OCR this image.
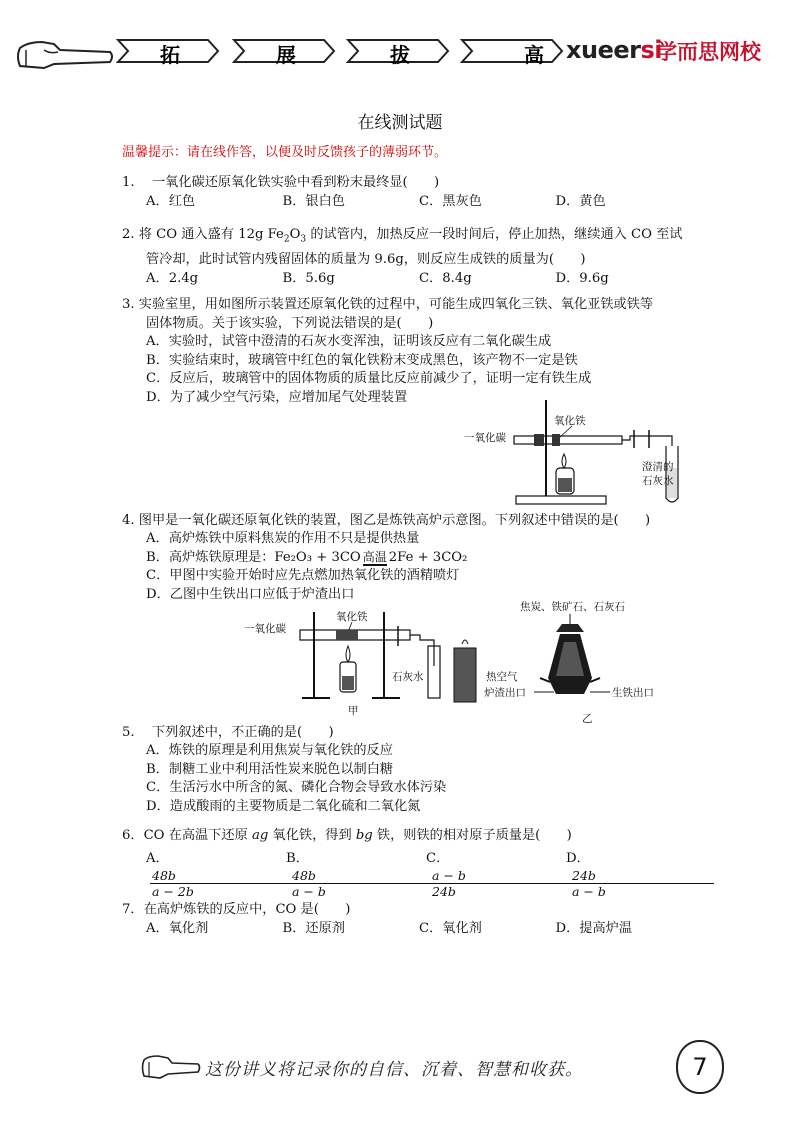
拓	展	拔	高 xueersi
学而思网校
在线测试题
温馨提示：请在线作答，以便及时反馈孩子的薄弱环节。
1.　 一氧化碳还原氧化铁实验中看到粉末最终显(　　)
A．红色	B．银白色	C．黑灰色	D．黄色
2. 将 CO 通入盛有 12g $Fe_2O_3$ 的试管内，加热反应一段时间后，停止加热，继续通入 CO 至试
管冷却，此时试管内残留固体的质量为 9.6g，则反应生成铁的质量为(　　)
A．2.4g	B．5.6g	C．8.4g	D．9.6g
3. 实验室里，用如图所示装置还原氧化铁的过程中，可能生成四氧化三铁、氧化亚铁或铁等
固体物质。关于该实验，下列说法错误的是(　　)
A．实验时，试管中澄清的石灰水变浑浊，证明该反应有二氧化碳生成
B．实验结束时，玻璃管中红色的氧化铁粉末变成黑色，该产物不一定是铁
C．反应后，玻璃管中的固体物质的质量比反应前减少了，证明一定有铁生成
D．为了减少空气污染，应增加尾气处理装置
一氧化碳
氧化铁
澄清的
石灰水
4. 图甲是一氧化碳还原氧化铁的装置，图乙是炼铁高炉示意图。下列叙述中错误的是(　　)
A．高炉炼铁中原料焦炭的作用不只是提供热量
B．高炉炼铁原理是：Fe₂O₃ + 3CO 高温 2Fe + 3CO₂
C．甲图中实验开始时应先点燃加热氧化铁的酒精喷灯
D．乙图中生铁出口应低于炉渣出口
一氧化碳
氧化铁
石灰水
甲
焦炭、铁矿石、石灰石
热空气
炉渣出口	生铁出口
乙
5.　 下列叙述中，不正确的是(　　)
A．炼铁的原理是利用焦炭与氧化铁的反应
B．制糖工业中利用活性炭来脱色以制白糖
C．生活污水中所含的氮、磷化合物会导致水体污染
D．造成酸雨的主要物质是二氧化硫和二氧化氮
6．CO 在高温下还原 ag 氧化铁，得到 bg 铁，则铁的相对原子质量是(　　)
A．$\frac{48b}{a - 2b}$
B．$\frac{48b}{a - b}$
C．$\frac{a - b}{24b}$
D．$\frac{24b}{a - b}$
7．在高炉炼铁的反应中，CO 是(　　)
A．氧化剂	B．还原剂	C．氧化剂	D．提高炉温
这份讲义将记录你的自信、沉着、智慧和收获。	7
